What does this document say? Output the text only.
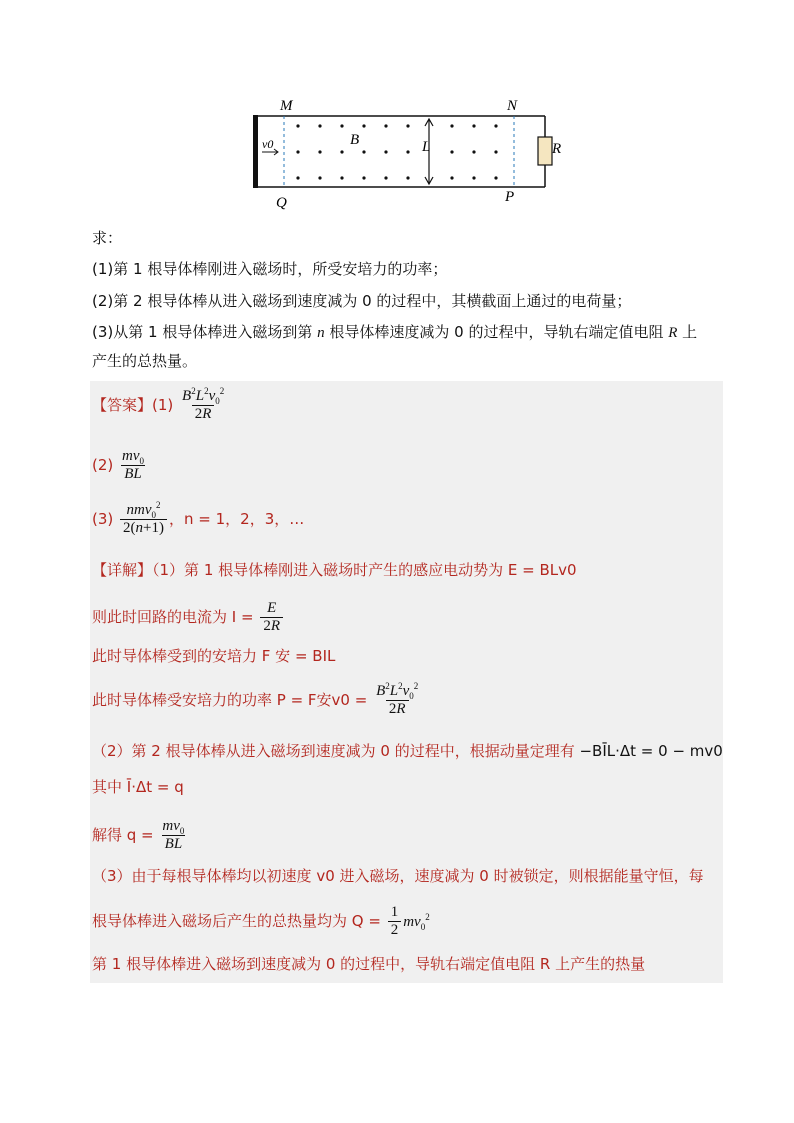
M	N
Q	P
B	L	R
v0
求：
(1)第 1 根导体棒刚进入磁场时，所受安培力的功率；
(2)第 2 根导体棒从进入磁场到速度减为 0 的过程中，其横截面上通过的电荷量；
(3)从第 1 根导体棒进入磁场到第 n 根导体棒速度减为 0 的过程中，导轨右端定值电阻 R 上
产生的总热量。
【答案】$(1) \frac{B^2L^2v_0^2}{2R}$
$(2) \frac{mv_0}{BL}$
$(3) \frac{nmv_0^2}{2(n+1)}$ ，n = 1，2，3，…
【详解】（1）第 1 根导体棒刚进入磁场时产生的感应电动势为 E = BLv0
则此时回路的电流为 $I = \frac{E}{2R}$
此时导体棒受到的安培力 F 安 = BIL
此时导体棒受安培力的功率 P = F安$v0 = \frac{B^2L^2v_0^2}{2R}$
（2）第 2 根导体棒从进入磁场到速度减为 0 的过程中，根据动量定理有 −BĪL·Δt = 0 − mv0
其中 Ī·Δt = q
解得 $q = \frac{mv_0}{BL}$
（3）由于每根导体棒均以初速度 v0 进入磁场，速度减为 0 时被锁定，则根据能量守恒，每
根导体棒进入磁场后产生的总热量均为 $Q = \frac{1}{2} mv_0^2$
第 1 根导体棒进入磁场到速度减为 0 的过程中，导轨右端定值电阻 R 上产生的热量
